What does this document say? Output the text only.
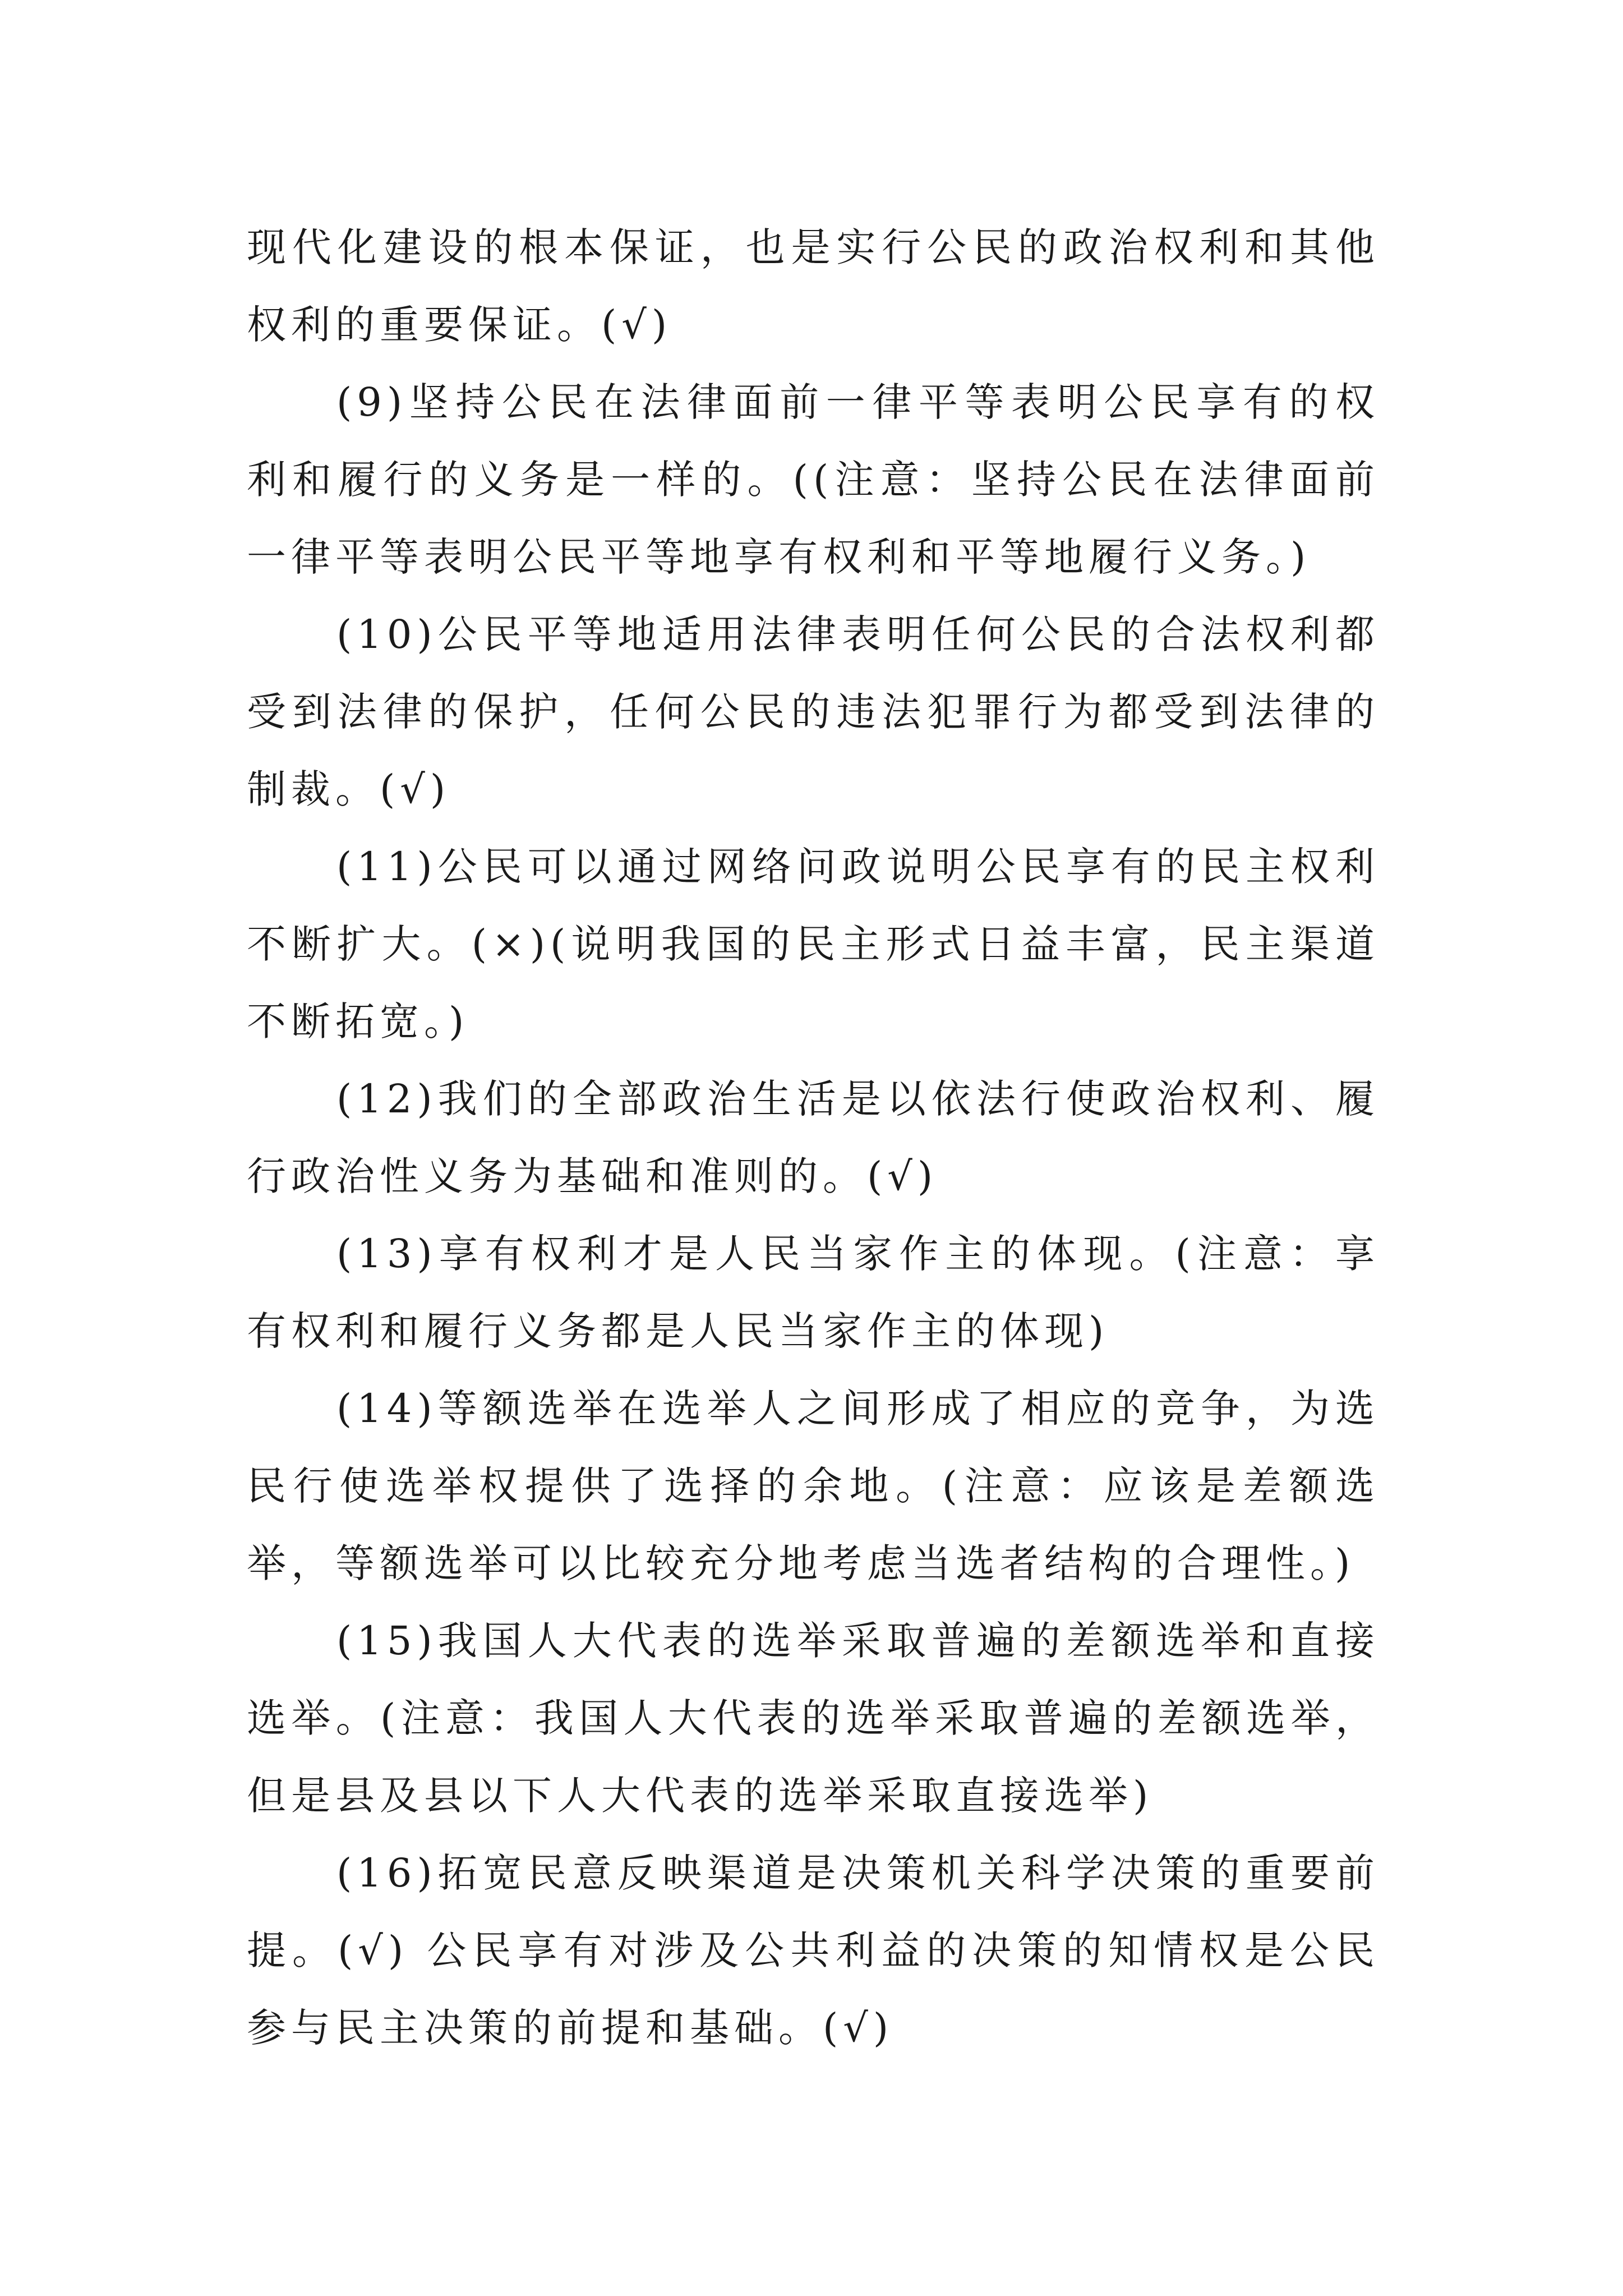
现代化建设的根本保证，也是实行公民的政治权利和其他权利的重要保证。(√)

(9)坚持公民在法律面前一律平等表明公民享有的权利和履行的义务是一样的。((注意：坚持公民在法律面前一律平等表明公民平等地享有权利和平等地履行义务。)

(10)公民平等地适用法律表明任何公民的合法权利都受到法律的保护，任何公民的违法犯罪行为都受到法律的制裁。(√)

(11)公民可以通过网络问政说明公民享有的民主权利不断扩大。(×)(说明我国的民主形式日益丰富，民主渠道不断拓宽。)

(12)我们的全部政治生活是以依法行使政治权利、履行政治性义务为基础和准则的。(√)

(13)享有权利才是人民当家作主的体现。(注意：享有权利和履行义务都是人民当家作主的体现)

(14)等额选举在选举人之间形成了相应的竞争，为选民行使选举权提供了选择的余地。(注意：应该是差额选举，等额选举可以比较充分地考虑当选者结构的合理性。)

(15)我国人大代表的选举采取普遍的差额选举和直接选举。(注意：我国人大代表的选举采取普遍的差额选举，但是县及县以下人大代表的选举采取直接选举)

(16)拓宽民意反映渠道是决策机关科学决策的重要前提。(√) 公民享有对涉及公共利益的决策的知情权是公民参与民主决策的前提和基础。(√)
